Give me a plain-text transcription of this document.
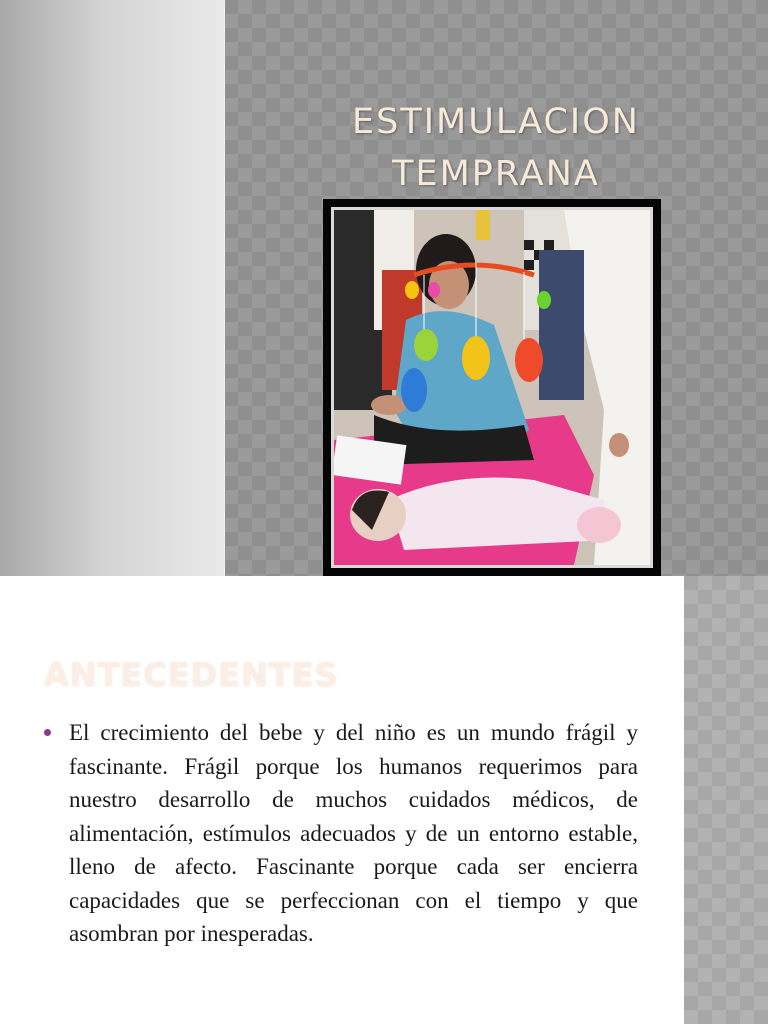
ESTIMULACION
TEMPRANA
ANTECEDENTES

El crecimiento del bebe y del niño es un mundo frágil y fascinante. Frágil porque los humanos requerimos para nuestro desarrollo de muchos cuidados médicos, de alimentación, estímulos adecuados y de un entorno estable, lleno de afecto. Fascinante porque cada ser encierra capacidades que se perfeccionan con el tiempo y que asombran por inesperadas.
